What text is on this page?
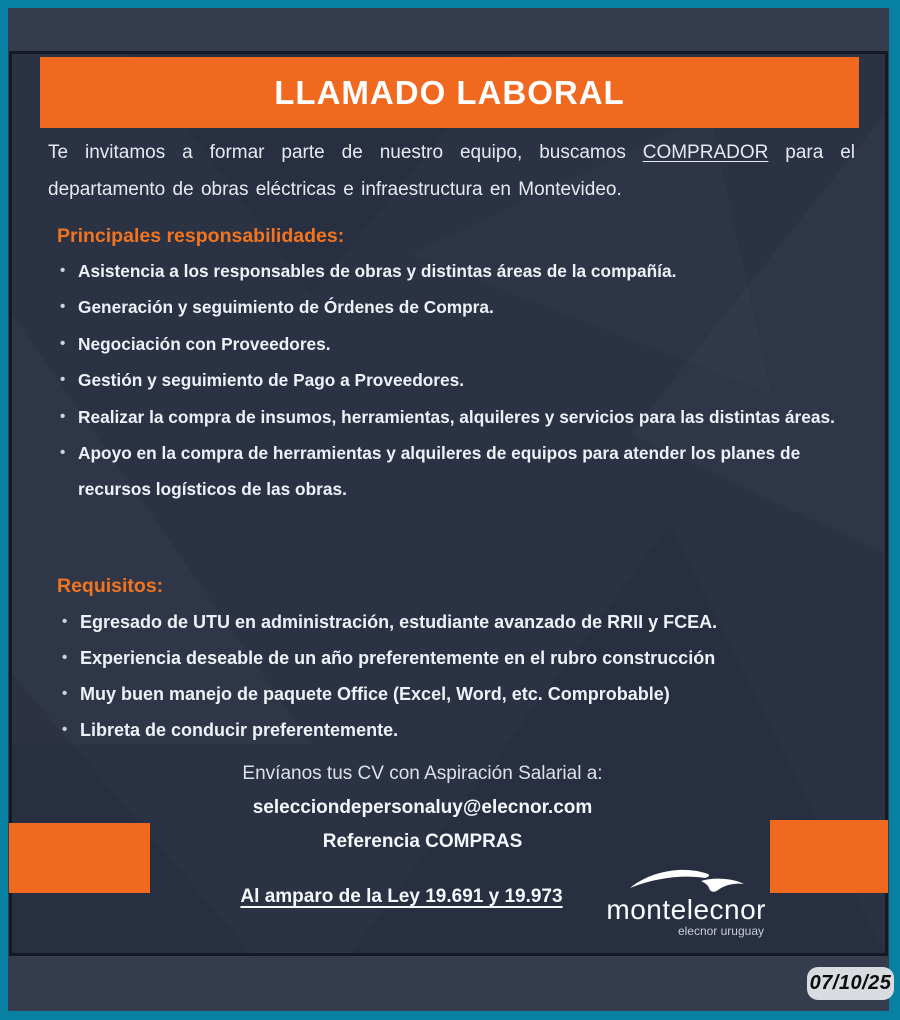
LLAMADO LABORAL

Te invitamos a formar parte de nuestro equipo, buscamos COMPRADOR para el departamento de obras eléctricas e infraestructura en Montevideo.

Principales responsabilidades:
• Asistencia a los responsables de obras y distintas áreas de la compañía.
• Generación y seguimiento de Órdenes de Compra.
• Negociación con Proveedores.
• Gestión y seguimiento de Pago a Proveedores.
• Realizar la compra de insumos, herramientas, alquileres y servicios para las distintas áreas.
• Apoyo en la compra de herramientas y alquileres de equipos para atender los planes de recursos logísticos de las obras.
Requisitos:
• Egresado de UTU en administración, estudiante avanzado de RRII y FCEA.
• Experiencia deseable de un año preferentemente en el rubro construcción
• Muy buen manejo de paquete Office (Excel, Word, etc. Comprobable)
• Libreta de conducir preferentemente.
Envíanos tus CV con Aspiración Salarial a:
selecciondepersonaluy@elecnor.com
Referencia COMPRAS
Al amparo de la Ley 19.691 y 19.973	montelecnor
elecnor uruguay
07/10/25
